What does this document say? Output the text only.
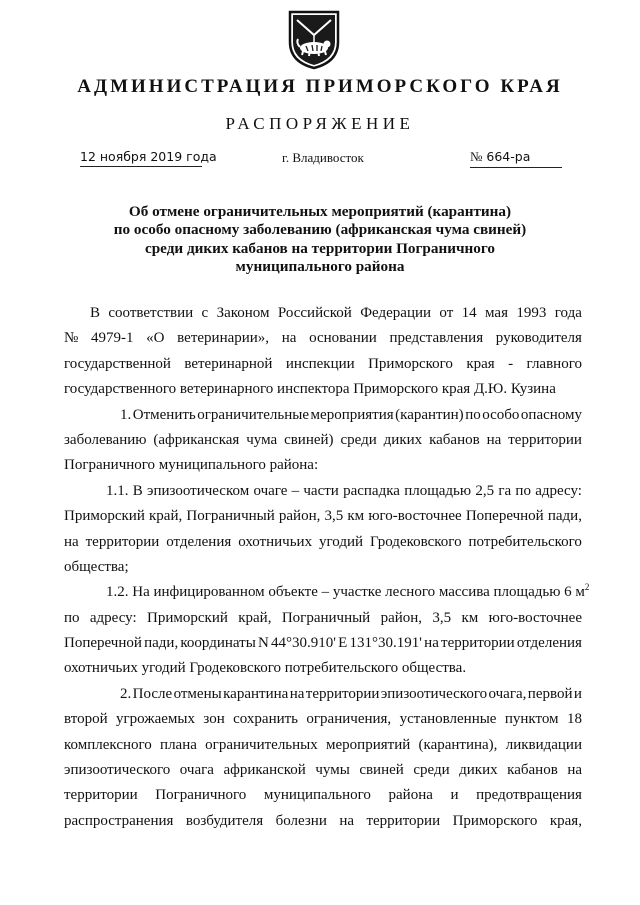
АДМИНИСТРАЦИЯ ПРИМОРСКОГО КРАЯ
РАСПОРЯЖЕНИЕ
12 ноября 2019 года	г. Владивосток	№ 664-ра
Об отмене ограничительных мероприятий (карантина)
по особо опасному заболеванию (африканская чума свиней)
среди диких кабанов на территории Пограничного
муниципального района
В соответствии с Законом Российской Федерации от 14 мая 1993 года
№ 4979-1 «О ветеринарии», на основании представления руководителя
государственной ветеринарной инспекции Приморского края - главного
государственного ветеринарного инспектора Приморского края Д.Ю. Кузина
1. Отменить ограничительные мероприятия (карантин) по особо опасному
заболеванию (африканская чума свиней) среди диких кабанов на территории
Пограничного муниципального района:
1.1. В эпизоотическом очаге – части распадка площадью 2,5 га по адресу:
Приморский край, Пограничный район, 3,5 км юго-восточнее Поперечной пади,
на территории отделения охотничьих угодий Гродековского потребительского
общества;
1.2. На инфицированном объекте – участке лесного массива площадью 6 $м^2$
по адресу: Приморский край, Пограничный район, 3,5 км юго-восточнее
Поперечной пади, координаты N 44°30.910' E 131°30.191' на территории отделения
охотничьих угодий Гродековского потребительского общества.
2. После отмены карантина на территории эпизоотического очага, первой и
второй угрожаемых зон сохранить ограничения, установленные пунктом 18
комплексного плана ограничительных мероприятий (карантина), ликвидации
эпизоотического очага африканской чумы свиней среди диких кабанов на
территории Пограничного муниципального района и предотвращения
распространения возбудителя болезни на территории Приморского края,
